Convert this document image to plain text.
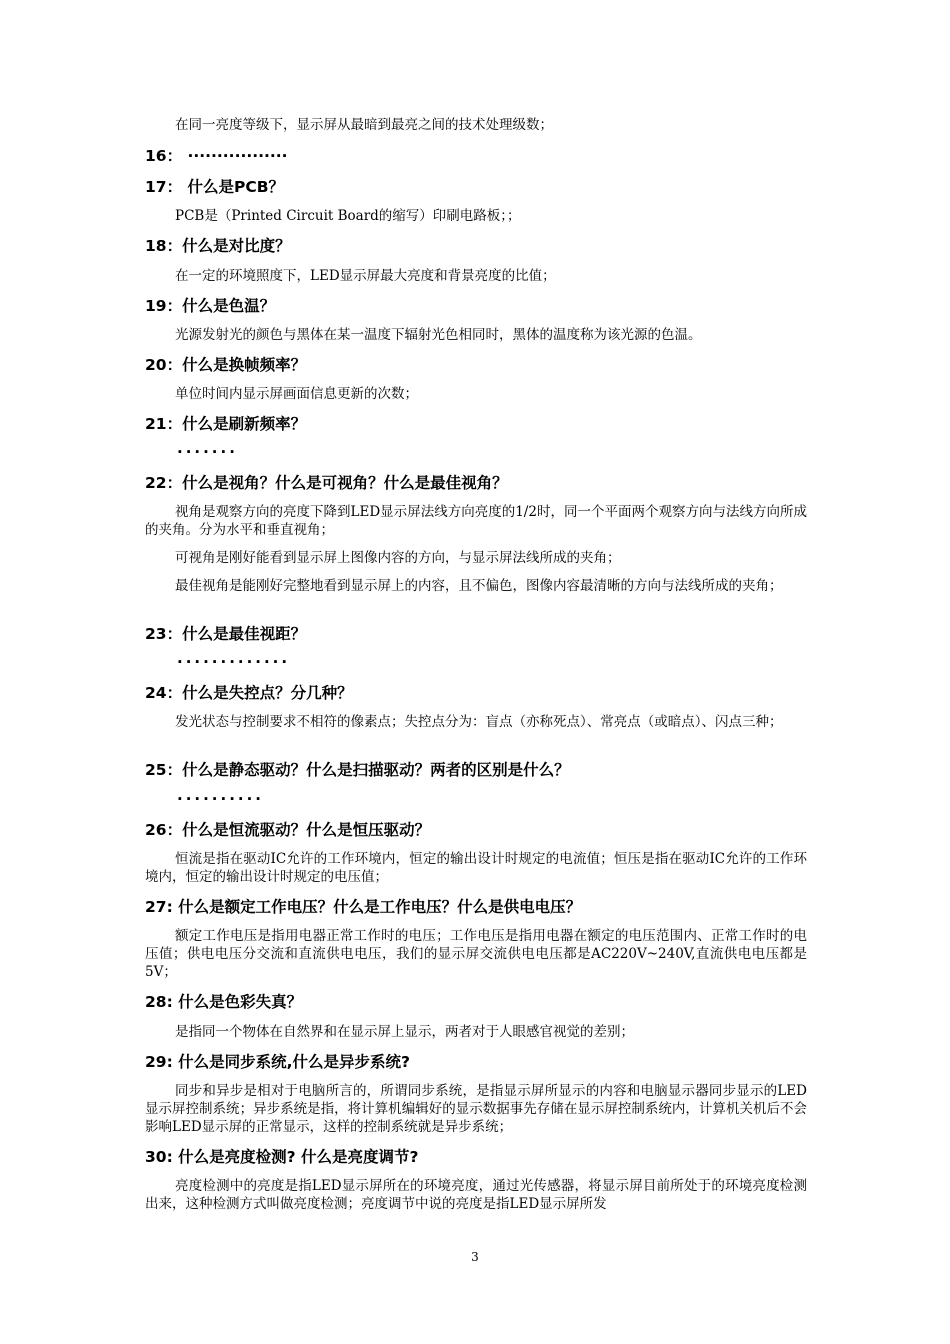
在同一亮度等级下，显示屏从最暗到最亮之间的技术处理级数；
16： ·················
17： 什么是PCB？
PCB是（Printed Circuit Board的缩写）印刷电路板；；
18：什么是对比度？
在一定的环境照度下，LED显示屏最大亮度和背景亮度的比值；
19：什么是色温？
光源发射光的颜色与黑体在某一温度下辐射光色相同时，黑体的温度称为该光源的色温。
20：什么是换帧频率？
单位时间内显示屏画面信息更新的次数；
21：什么是刷新频率？
·······
22：什么是视角？什么是可视角？什么是最佳视角？
视角是观察方向的亮度下降到LED显示屏法线方向亮度的1/2时，同一个平面两个观察方向与法线方向所成的夹角。分为水平和垂直视角；
可视角是刚好能看到显示屏上图像内容的方向，与显示屏法线所成的夹角；
最佳视角是能刚好完整地看到显示屏上的内容，且不偏色，图像内容最清晰的方向与法线所成的夹角；
23：什么是最佳视距？
·············
24：什么是失控点？分几种？
发光状态与控制要求不相符的像素点；失控点分为：盲点（亦称死点）、常亮点（或暗点）、闪点三种；
25：什么是静态驱动？什么是扫描驱动？两者的区别是什么？
··········
26：什么是恒流驱动？什么是恒压驱动？
恒流是指在驱动IC允许的工作环境内，恒定的输出设计时规定的电流值；恒压是指在驱动IC允许的工作环境内，恒定的输出设计时规定的电压值；
27: 什么是额定工作电压？什么是工作电压？什么是供电电压？
额定工作电压是指用电器正常工作时的电压；工作电压是指用电器在额定的电压范围内、正常工作时的电压值；供电电压分交流和直流供电电压，我们的显示屏交流供电电压都是AC220V~240V,直流供电电压都是5V；
28: 什么是色彩失真？
是指同一个物体在自然界和在显示屏上显示，两者对于人眼感官视觉的差别；
29: 什么是同步系统,什么是异步系统?
同步和异步是相对于电脑所言的，所谓同步系统，是指显示屏所显示的内容和电脑显示器同步显示的LED显示屏控制系统；异步系统是指，将计算机编辑好的显示数据事先存储在显示屏控制系统内，计算机关机后不会影响LED显示屏的正常显示，这样的控制系统就是异步系统；
30: 什么是亮度检测? 什么是亮度调节?
亮度检测中的亮度是指LED显示屏所在的环境亮度，通过光传感器，将显示屏目前所处于的环境亮度检测出来，这种检测方式叫做亮度检测；亮度调节中说的亮度是指LED显示屏所发
3
